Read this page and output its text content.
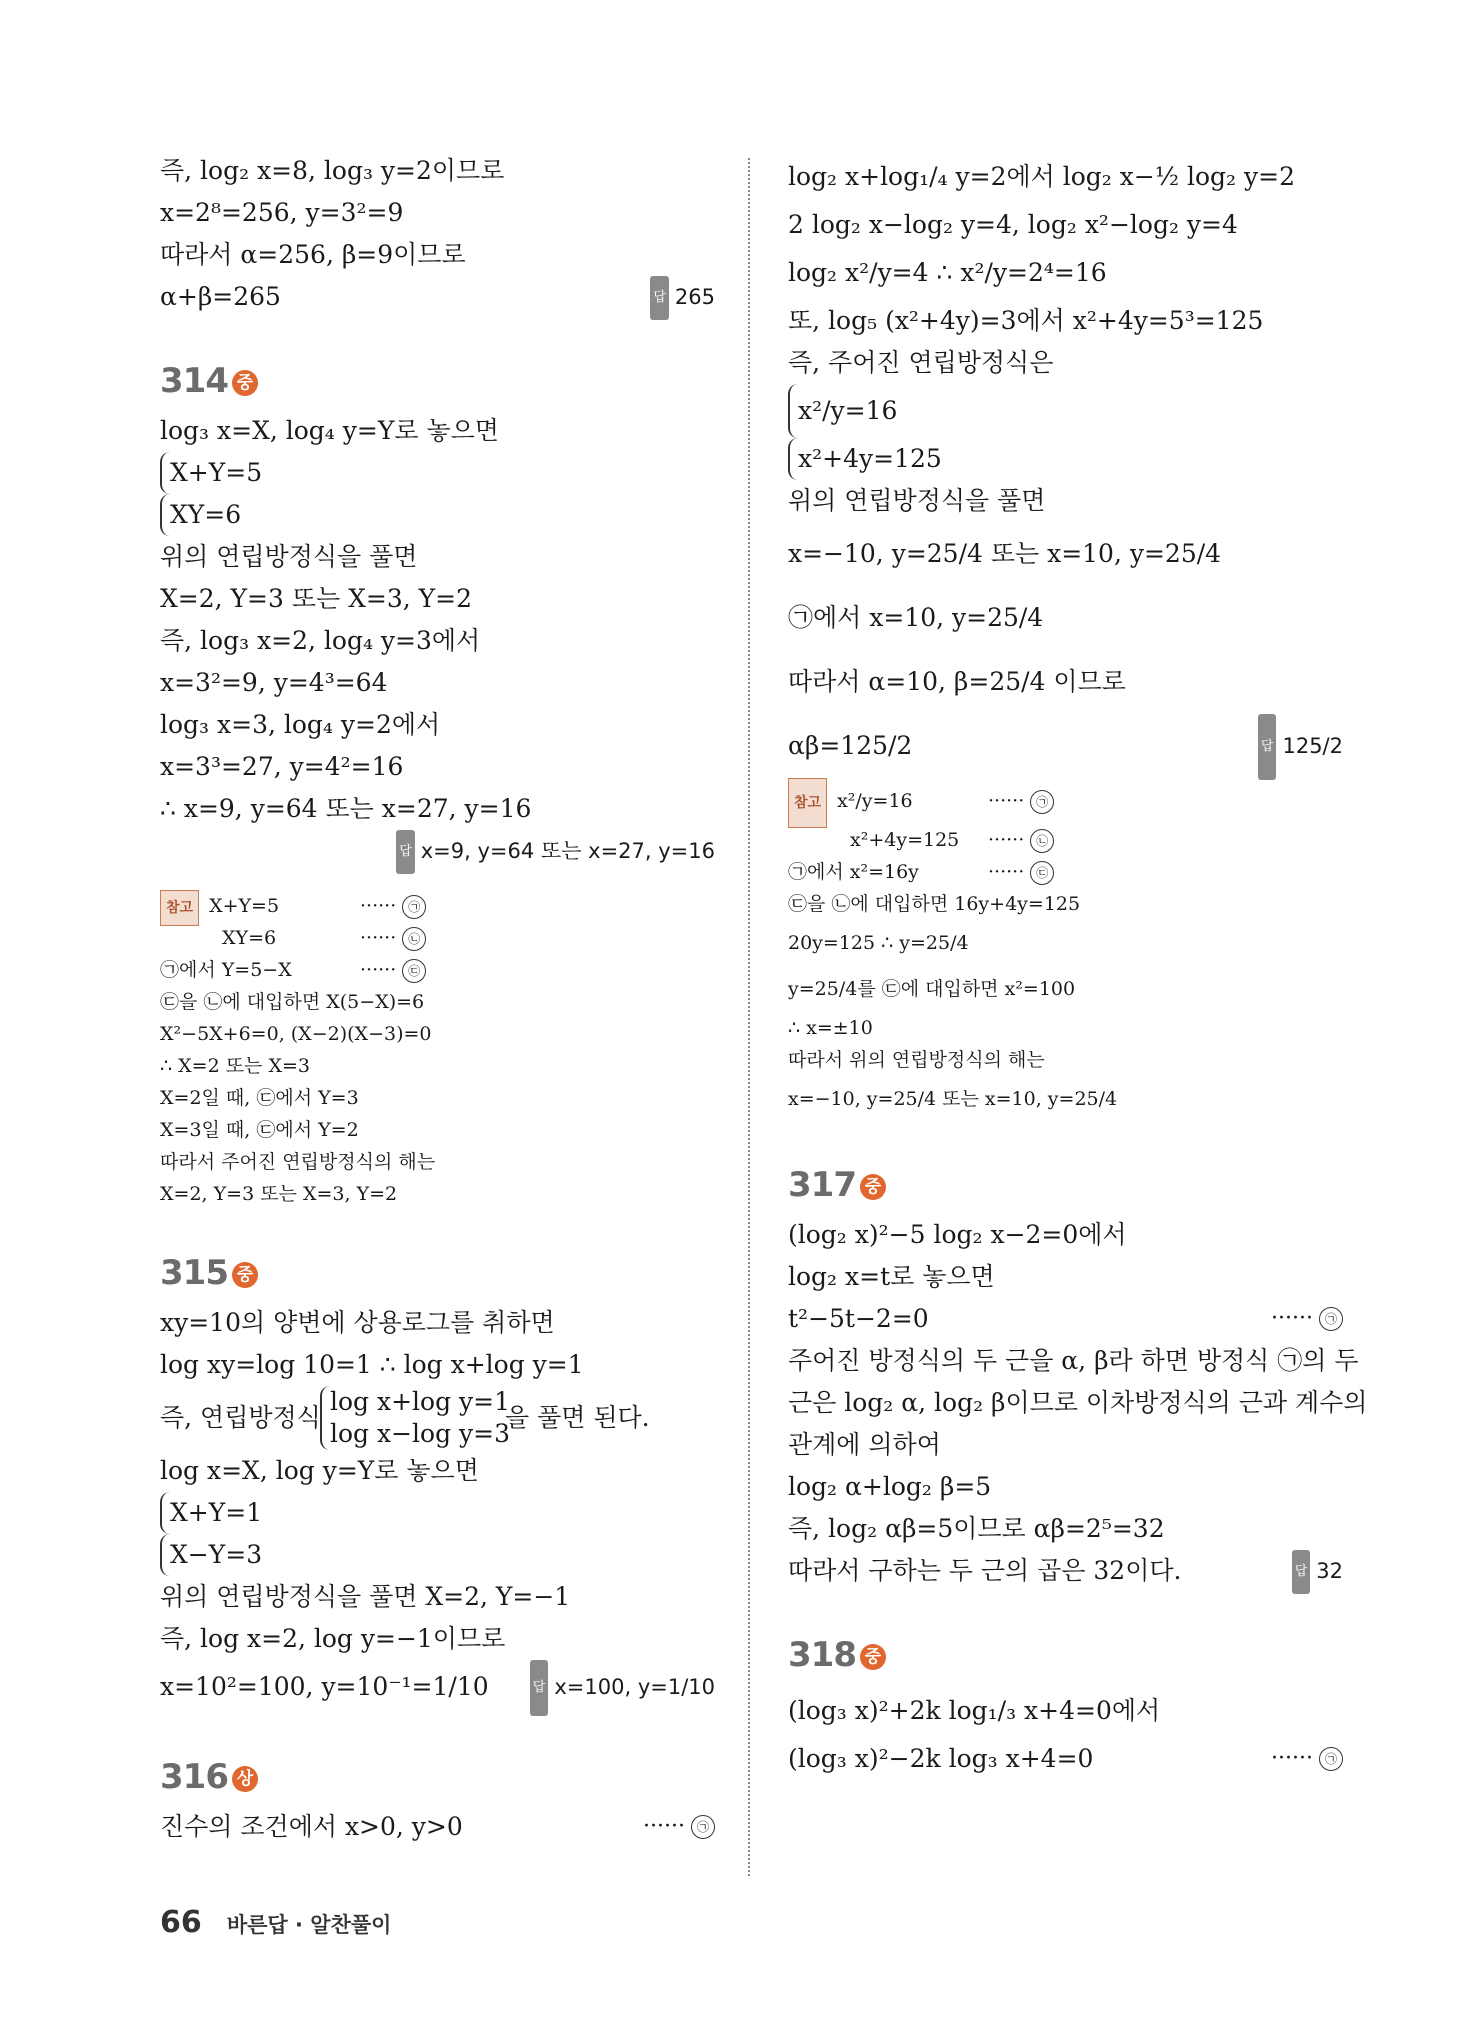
즉, log₂ x=8, log₃ y=2이므로
x=2⁸=256, y=3²=9
따라서 α=256, β=9이므로
α+β=265	답 265
314 중
log₃ x=X, log₄ y=Y로 놓으면
X+Y=5
XY=6
위의 연립방정식을 풀면
X=2, Y=3 또는 X=3, Y=2
즉, log₃ x=2, log₄ y=3에서
x=3²=9, y=4³=64
log₃ x=3, log₄ y=2에서
x=3³=27, y=4²=16
∴ x=9, y=64 또는 x=27, y=16
답 x=9, y=64 또는 x=27, y=16
참고 X+Y=5	······ ㉠
XY=6	······ ㉡
㉠에서 Y=5−X	······ ㉢
㉢을 ㉡에 대입하면 X(5−X)=6
X²−5X+6=0, (X−2)(X−3)=0
∴ X=2 또는 X=3
X=2일 때, ㉢에서 Y=3
X=3일 때, ㉢에서 Y=2
따라서 주어진 연립방정식의 해는
X=2, Y=3 또는 X=3, Y=2
315 중
xy=10의 양변에 상용로그를 취하면
log xy=log 10=1 ∴ log x+log y=1
즉, 연립방정식
log x+log y=1
log x−log y=3
을 풀면 된다.
log x=X, log y=Y로 놓으면
X+Y=1
X−Y=3
위의 연립방정식을 풀면 X=2, Y=−1
즉, log x=2, log y=−1이므로
x=10²=100, y=10⁻¹=1/10	답 x=100, y=1/10
316 상
진수의 조건에서 x>0, y>0	······ ㉠
log₂ x+log₁/₄ y=2에서 log₂ x−½ log₂ y=2
2 log₂ x−log₂ y=4, log₂ x²−log₂ y=4
log₂ x²/y=4 ∴ x²/y=2⁴=16
또, log₅ (x²+4y)=3에서 x²+4y=5³=125
즉, 주어진 연립방정식은
x²/y=16
x²+4y=125
위의 연립방정식을 풀면
x=−10, y=25/4 또는 x=10, y=25/4
㉠에서 x=10, y=25/4
따라서 α=10, β=25/4 이므로
αβ=125/2	답 125/2
참고 x²/y=16	······ ㉠
x²+4y=125 ······ ㉡
㉠에서 x²=16y	······ ㉢
㉢을 ㉡에 대입하면 16y+4y=125
20y=125 ∴ y=25/4
y=25/4를 ㉢에 대입하면 x²=100
∴ x=±10
따라서 위의 연립방정식의 해는
x=−10, y=25/4 또는 x=10, y=25/4
317 중
(log₂ x)²−5 log₂ x−2=0에서
log₂ x=t로 놓으면
t²−5t−2=0	······ ㉠
주어진 방정식의 두 근을 α, β라 하면 방정식 ㉠의 두
근은 log₂ α, log₂ β이므로 이차방정식의 근과 계수의
관계에 의하여
log₂ α+log₂ β=5
즉, log₂ αβ=5이므로 αβ=2⁵=32
따라서 구하는 두 근의 곱은 32이다.	답 32
318 중
(log₃ x)²+2k log₁/₃ x+4=0에서
(log₃ x)²−2k log₃ x+4=0	······ ㉠
66 바른답 · 알찬풀이
